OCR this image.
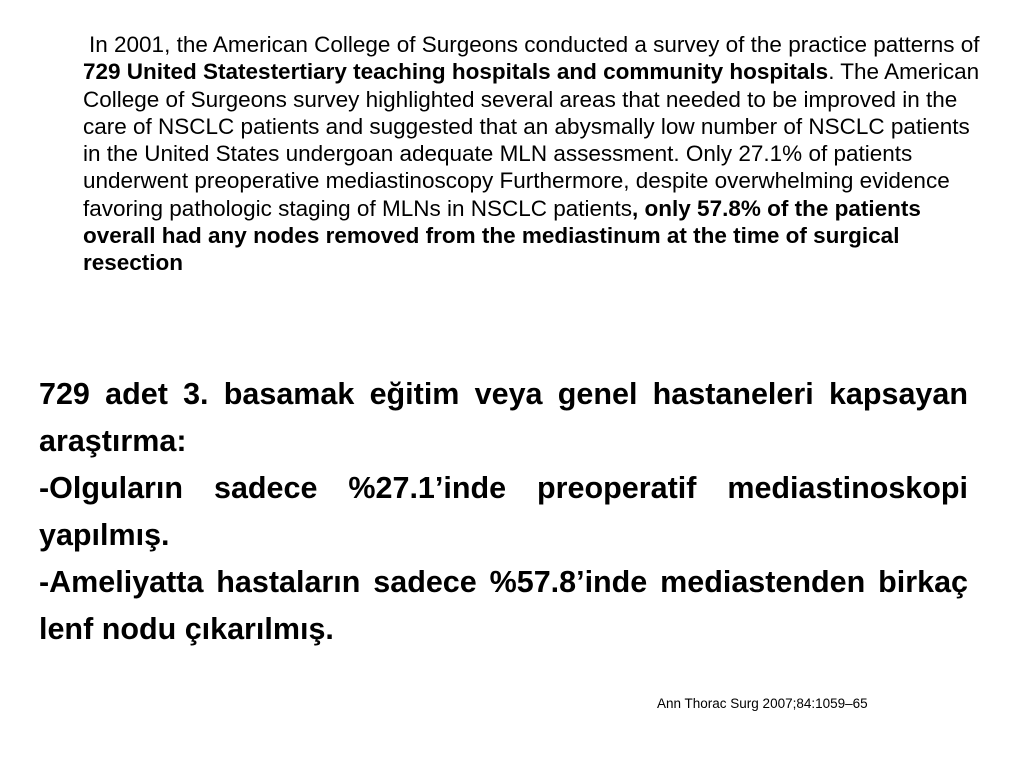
In 2001, the American College of Surgeons conducted a survey of the practice patterns of 729 United Statestertiary teaching hospitals and community hospitals. The American College of Surgeons survey highlighted several areas that needed to be improved in the care of NSCLC patients and suggested that an abysmally low number of NSCLC patients in the United States undergoan adequate MLN assessment. Only 27.1% of patients underwent preoperative mediastinoscopy Furthermore, despite overwhelming evidence favoring pathologic staging of MLNs in NSCLC patients, only 57.8% of the patients overall had any nodes removed from the mediastinum at the time of surgical resection

729 adet 3. basamak eğitim veya genel hastaneleri kapsayan araştırma:

-Olguların sadece %27.1’inde preoperatif mediastinoskopi yapılmış.

-Ameliyatta hastaların sadece %57.8’inde mediastenden birkaç lenf nodu çıkarılmış.

Ann Thorac Surg 2007;84:1059–65
